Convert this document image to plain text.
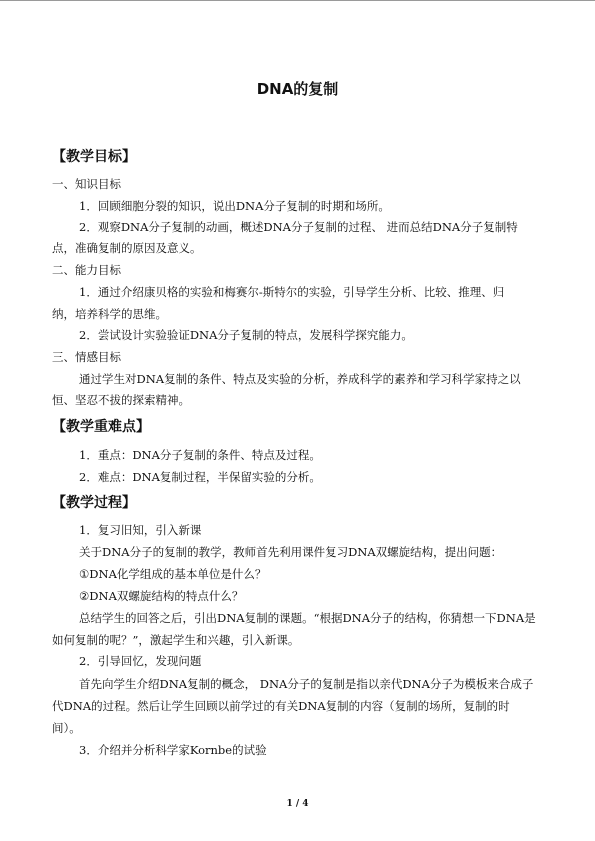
DNA的复制
【教学目标】
一、知识目标
1．回顾细胞分裂的知识，说出DNA分子复制的时期和场所。
2．观察DNA分子复制的动画，概述DNA分子复制的过程、 进而总结DNA分子复制特
点，准确复制的原因及意义。
二、能力目标
1．通过介绍康贝格的实验和梅赛尔-斯特尔的实验，引导学生分析、比较、推理、归
纳，培养科学的思维。
2．尝试设计实验验证DNA分子复制的特点，发展科学探究能力。
三、情感目标
通过学生对DNA复制的条件、特点及实验的分析，养成科学的素养和学习科学家持之以
恒、坚忍不拔的探索精神。
【教学重难点】
1．重点：DNA分子复制的条件、特点及过程。
2．难点：DNA复制过程，半保留实验的分析。
【教学过程】
1．复习旧知，引入新课
关于DNA分子的复制的教学，教师首先利用课件复习DNA双螺旋结构，提出问题：
①DNA化学组成的基本单位是什么？
②DNA双螺旋结构的特点什么？
总结学生的回答之后，引出DNA复制的课题。“根据DNA分子的结构，你猜想一下DNA是
如何复制的呢？”，激起学生和兴趣，引入新课。
2．引导回忆，发现问题
首先向学生介绍DNA复制的概念， DNA分子的复制是指以亲代DNA分子为模板来合成子
代DNA的过程。然后让学生回顾以前学过的有关DNA复制的内容（复制的场所，复制的时
间）。
3．介绍并分析科学家Kornbe的试验
1 / 4
